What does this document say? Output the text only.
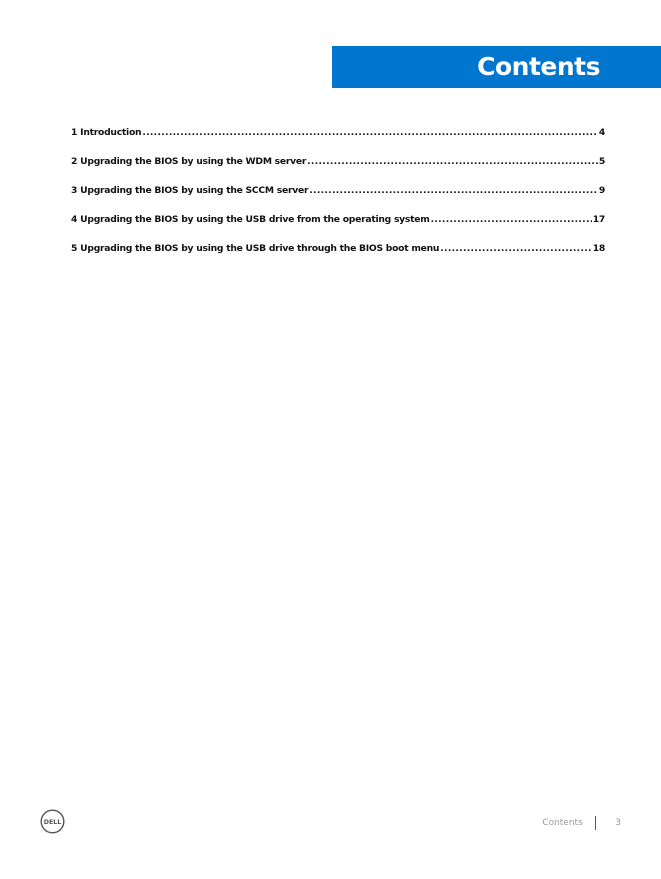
Contents
1 Introduction .....	4
2 Upgrading the BIOS by using the WDM server .....	5
3 Upgrading the BIOS by using the SCCM server .....	9
4 Upgrading the BIOS by using the USB drive from the operating system .....	17
5 Upgrading the BIOS by using the USB drive through the BIOS boot menu .....	18
DELL	Contents	3
